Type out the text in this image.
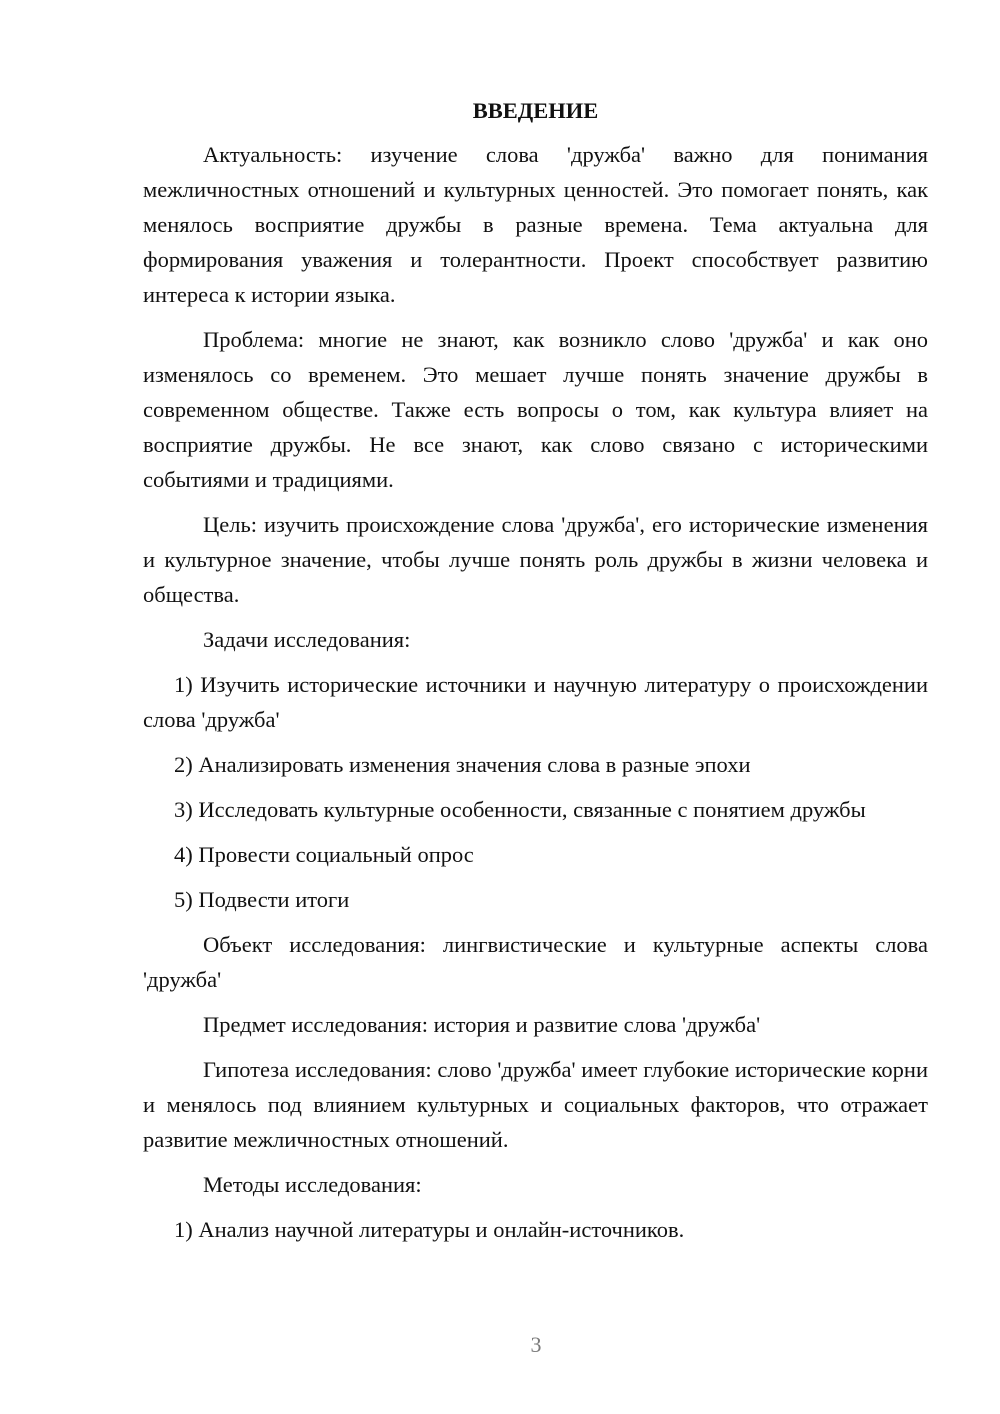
ВВЕДЕНИЕ

Актуальность: изучение слова 'дружба' важно для понимания межличностных отношений и культурных ценностей. Это помогает понять, как менялось восприятие дружбы в разные времена. Тема актуальна для формирования уважения и толерантности. Проект способствует развитию интереса к истории языка.

Проблема: многие не знают, как возникло слово 'дружба' и как оно изменялось со временем. Это мешает лучше понять значение дружбы в современном обществе. Также есть вопросы о том, как культура влияет на восприятие дружбы. Не все знают, как слово связано с историческими событиями и традициями.

Цель: изучить происхождение слова 'дружба', его исторические изменения и культурное значение, чтобы лучше понять роль дружбы в жизни человека и общества.

Задачи исследования:

1) Изучить исторические источники и научную литературу о происхождении слова 'дружба'

2) Анализировать изменения значения слова в разные эпохи

3) Исследовать культурные особенности, связанные с понятием дружбы

4) Провести социальный опрос

5) Подвести итоги

Объект исследования: лингвистические и культурные аспекты слова 'дружба'

Предмет исследования: история и развитие слова 'дружба'

Гипотеза исследования: слово 'дружба' имеет глубокие исторические корни и менялось под влиянием культурных и социальных факторов, что отражает развитие межличностных отношений.

Методы исследования:

1) Анализ научной литературы и онлайн-источников.

3
